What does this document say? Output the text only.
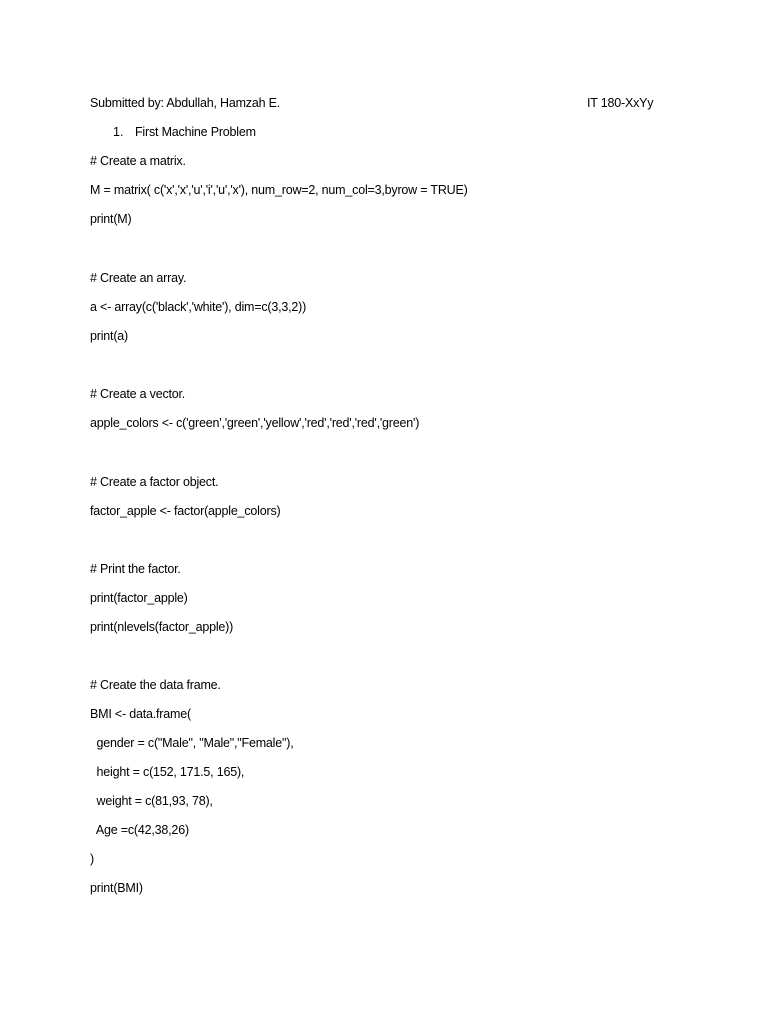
Submitted by: Abdullah, Hamzah E.	IT 180-XxYy
1. First Machine Problem
# Create a matrix.
M = matrix( c('x','x','u','i','u','x'), num_row=2, num_col=3,byrow = TRUE)
print(M)
# Create an array.
a <- array(c('black','white'), dim=c(3,3,2))
print(a)
# Create a vector.
apple_colors <- c('green','green','yellow','red','red','red','green')
# Create a factor object.
factor_apple <- factor(apple_colors)
# Print the factor.
print(factor_apple)
print(nlevels(factor_apple))
# Create the data frame.
BMI <- data.frame(
gender = c("Male", "Male","Female"),
height = c(152, 171.5, 165),
weight = c(81,93, 78),
Age =c(42,38,26)
)
print(BMI)
